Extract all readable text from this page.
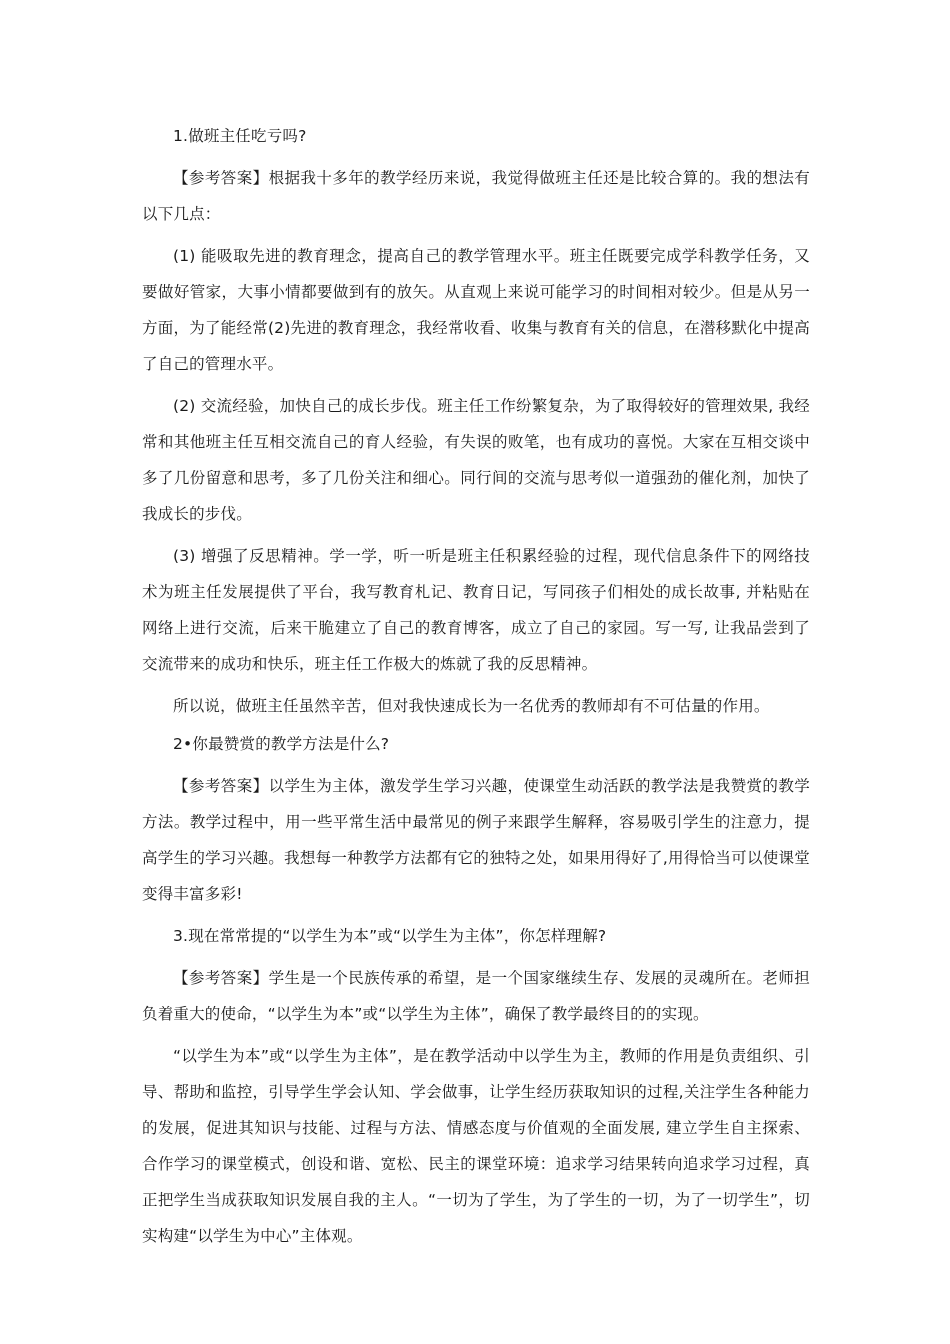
1.做班主任吃亏吗?

【参考答案】根据我十多年的教学经历来说，我觉得做班主任还是比较合算的。我的想法有以下几点：

(1) 能吸取先进的教育理念，提高自己的教学管理水平。班主任既要完成学科教学任务，又要做好管家，大事小情都要做到有的放矢。从直观上来说可能学习的时间相对较少。但是从另一方面，为了能经常(2)先进的教育理念，我经常收看、收集与教育有关的信息，在潜移默化中提高了自己的管理水平。

(2) 交流经验，加快自己的成长步伐。班主任工作纷繁复杂，为了取得较好的管理效果, 我经常和其他班主任互相交流自己的育人经验，有失误的败笔，也有成功的喜悦。大家在互相交谈中多了几份留意和思考，多了几份关注和细心。同行间的交流与思考似一道强劲的催化剂，加快了我成长的步伐。

(3) 增强了反思精神。学一学，听一听是班主任积累经验的过程，现代信息条件下的网络技术为班主任发展提供了平台，我写教育札记、教育日记，写同孩子们相处的成长故事, 并粘贴在网络上进行交流，后来干脆建立了自己的教育博客，成立了自己的家园。写一写, 让我品尝到了交流带来的成功和快乐，班主任工作极大的炼就了我的反思精神。

所以说，做班主任虽然辛苦，但对我快速成长为一名优秀的教师却有不可估量的作用。

2•你最赞赏的教学方法是什么?

【参考答案】以学生为主体，激发学生学习兴趣，使课堂生动活跃的教学法是我赞赏的教学方法。教学过程中，用一些平常生活中最常见的例子来跟学生解释，容易吸引学生的注意力，提高学生的学习兴趣。我想每一种教学方法都有它的独特之处，如果用得好了,用得恰当可以使课堂变得丰富多彩!

3.现在常常提的“以学生为本”或“以学生为主体”，你怎样理解?

【参考答案】学生是一个民族传承的希望，是一个国家继续生存、发展的灵魂所在。老师担负着重大的使命，“以学生为本”或“以学生为主体”，确保了教学最终目的的实现。

“以学生为本”或“以学生为主体”，是在教学活动中以学生为主，教师的作用是负责组织、引导、帮助和监控，引导学生学会认知、学会做事，让学生经历获取知识的过程,关注学生各种能力的发展，促进其知识与技能、过程与方法、情感态度与价值观的全面发展, 建立学生自主探索、合作学习的课堂模式，创设和谐、宽松、民主的课堂环境：追求学习结果转向追求学习过程，真正把学生当成获取知识发展自我的主人。“一切为了学生，为了学生的一切，为了一切学生”，切实构建“以学生为中心”主体观。
